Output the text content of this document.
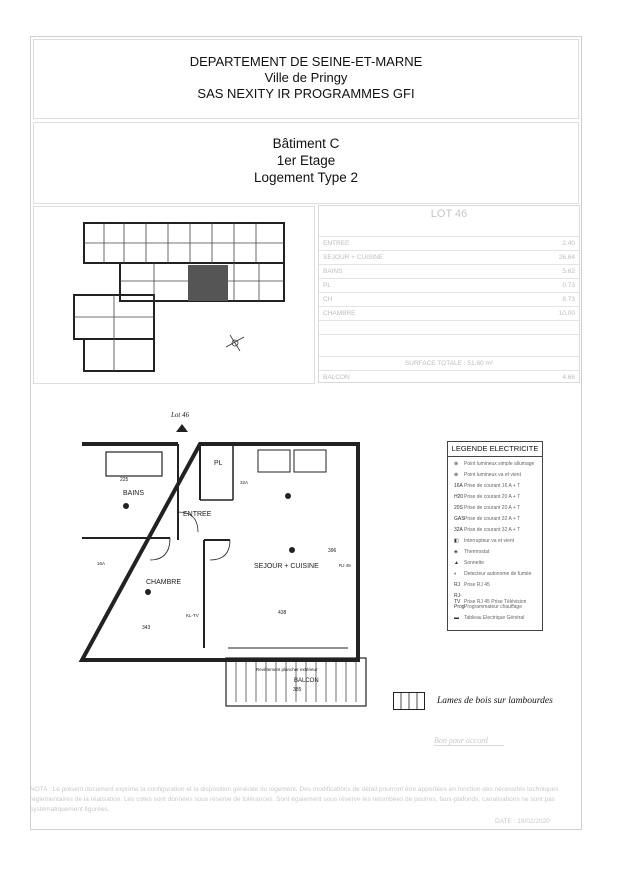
DEPARTEMENT DE SEINE-ET-MARNE
Ville de Pringy
SAS NEXITY IR PROGRAMMES GFI
Bâtiment C
1er Etage
Logement Type 2
LOT 46
ENTREE	2.40
SEJOUR + CUISINE	26.64
BAINS	5.62
PL	0.73
CH	8.73
CHAMBRE	10.00
SURFACE TOTALE : 51.60 m²
BALCON	4.66
Lot 46
BAINS
ENTREE
CHAMBRE
SEJOUR + CUISINE
PL
BALCON
Revêtement plancher extérieur
225
343
438
396
385
16A
KL-TV
RJ 45
32A
LEGENDE ELECTRICITE
⊗ Point lumineux simple allumage
⊗ Point lumineux va et vient
16APrise de courant 16 A + T
H20Prise de courant 20 A + T
20SPrise de courant 20 A + T
GASPrise de courant 32 A + T
32APrise de courant 32 A + T
◧ Interrupteur va et vient
◈ Thermostat
▲ Sonnette
◐ Detecteur autonome de fumée
RJ Prise RJ 45
RJ-TV Prise RJ 45 Prise Télévision
ProgProgrammateur chauffage
▬ Tableau Electrique Général
Lames de bois sur lambourdes
Bon pour accord
NOTA : Le présent document exprime la configuration et la disposition générale du logement. Des modifications de détail pourront être apportées en fonction des nécessités techniques réglementaires de la réalisation. Les cotes sont données sous réserve de tolérances. Sont également sous réserve les retombées de poutres, faux-plafonds, canalisations ne sont pas systématiquement figurées.
DATE : 18/02/2020
